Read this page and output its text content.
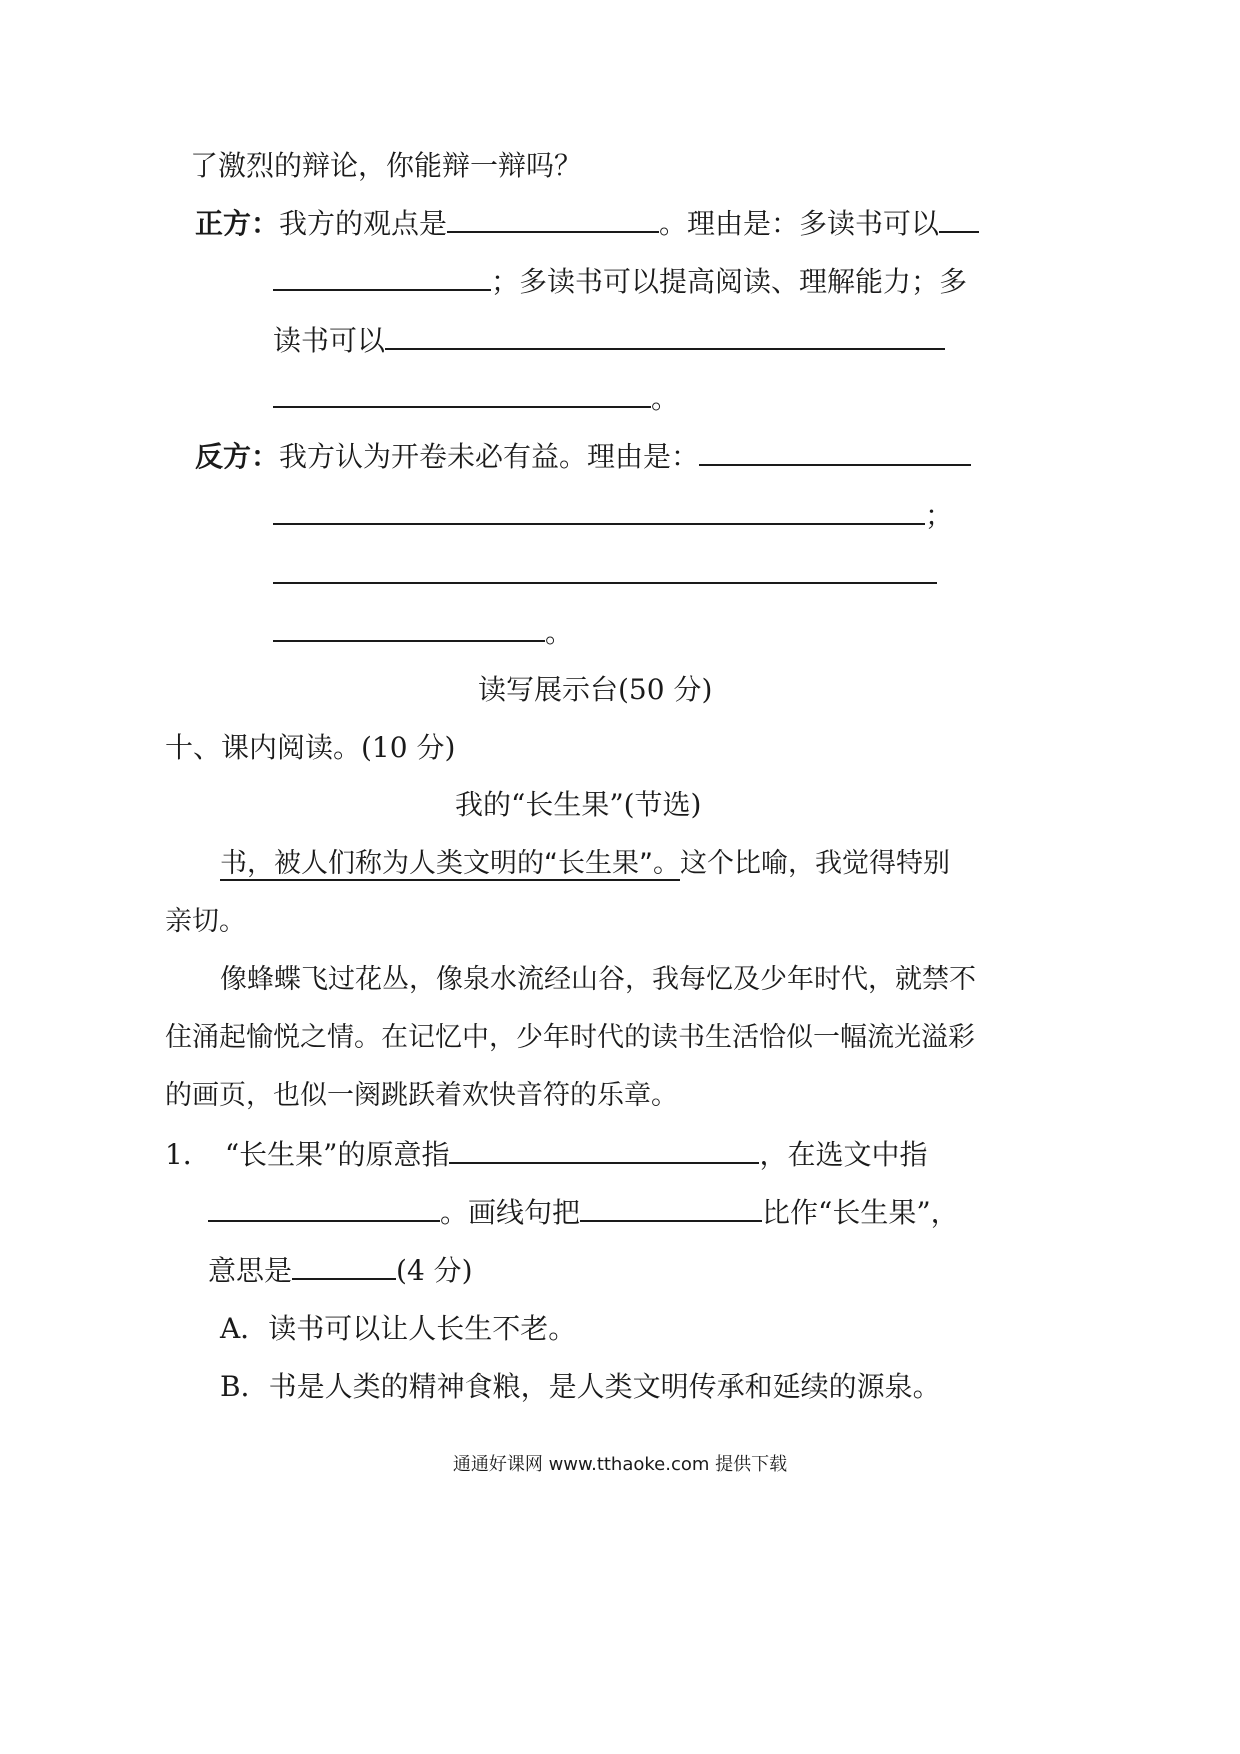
了激烈的辩论，你能辩一辩吗？
正方：我方的观点是	。理由是：多读书可以
；多读书可以提高阅读、理解能力；多
读书可以
。
反方：我方认为开卷未必有益。理由是：
；
。
读写展示台(50 分)
十、课内阅读。(10 分)
我的“长生果”(节选)
书，被人们称为人类文明的“长生果”。这个比喻，我觉得特别
亲切。
像蜂蝶飞过花丛，像泉水流经山谷，我每忆及少年时代，就禁不
住涌起愉悦之情。在记忆中，少年时代的读书生活恰似一幅流光溢彩
的画页，也似一阕跳跃着欢快音符的乐章。
1． “长生果”的原意指	，在选文中指
。画线句把	比作“长生果”，
意思是	(4 分)
A．读书可以让人长生不老。
B．书是人类的精神食粮，是人类文明传承和延续的源泉。
通通好课网 www.tthaoke.com 提供下载
